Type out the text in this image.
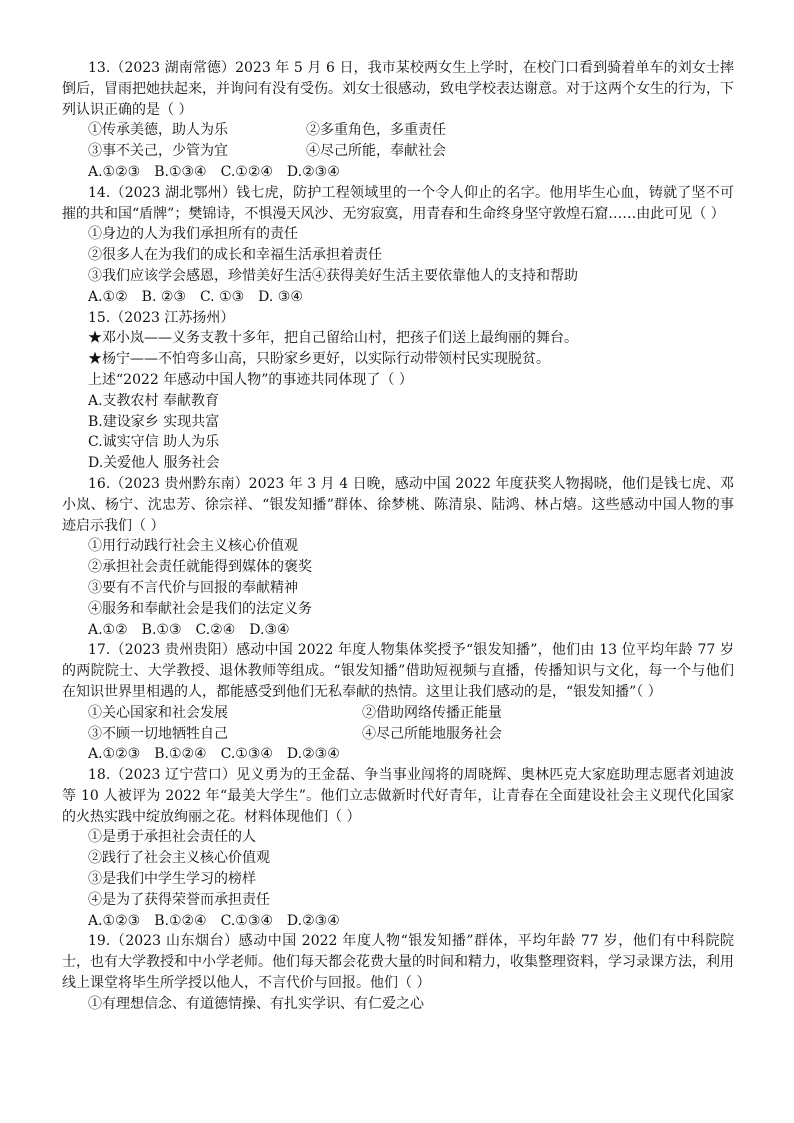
13.（2023 湖南常德）2023 年 5 月 6 日，我市某校两女生上学时，在校门口看到骑着单车的刘女士摔倒后，冒雨把她扶起来，并询问有没有受伤。刘女士很感动，致电学校表达谢意。对于这两个女生的行为，下列认识正确的是（ ）

①传承美德，助人为乐	②多重角色，多重责任
③事不关己，少管为宜	④尽己所能，奉献社会

A.①②③　B.①③④　C.①②④　D.②③④

14.（2023 湖北鄂州）钱七虎，防护工程领域里的一个令人仰止的名字。他用毕生心血，铸就了坚不可摧的共和国“盾牌”；樊锦诗，不惧漫天风沙、无穷寂寞，用青春和生命终身坚守敦煌石窟……由此可见（ ）

①身边的人为我们承担所有的责任

②很多人在为我们的成长和幸福生活承担着责任

③我们应该学会感恩，珍惜美好生活④获得美好生活主要依靠他人的支持和帮助

A.①②　B. ②③　C. ①③　D. ③④

15.（2023 江苏扬州）

★邓小岚——义务支教十多年，把自己留给山村，把孩子们送上最绚丽的舞台。

★杨宁——不怕弯多山高，只盼家乡更好，以实际行动带领村民实现脱贫。

上述“2022 年感动中国人物”的事迹共同体现了（ ）

A.支教农村 奉献教育

B.建设家乡 实现共富

C.诚实守信 助人为乐

D.关爱他人 服务社会

16.（2023 贵州黔东南）2023 年 3 月 4 日晚，感动中国 2022 年度获奖人物揭晓，他们是钱七虎、邓小岚、杨宁、沈忠芳、徐宗祥、“银发知播”群体、徐梦桃、陈清泉、陆鸿、林占熺。这些感动中国人物的事迹启示我们（ ）

①用行动践行社会主义核心价值观

②承担社会责任就能得到媒体的褒奖

③要有不言代价与回报的奉献精神

④服务和奉献社会是我们的法定义务

A.①②　B.①③　C.②④　D.③④

17.（2023 贵州贵阳）感动中国 2022 年度人物集体奖授予“银发知播”，他们由 13 位平均年龄 77 岁的两院院士、大学教授、退休教师等组成。“银发知播”借助短视频与直播，传播知识与文化，每一个与他们在知识世界里相遇的人，都能感受到他们无私奉献的热情。这里让我们感动的是，“银发知播”（ ）

①关心国家和社会发展	②借助网络传播正能量
③不顾一切地牺牲自己	④尽己所能地服务社会

A.①②③　B.①②④　C.①③④　D.②③④

18.（2023 辽宁营口）见义勇为的王金磊、争当事业闯将的周晓辉、奥林匹克大家庭助理志愿者刘迪波等 10 人被评为 2022 年“最美大学生”。他们立志做新时代好青年，让青春在全面建设社会主义现代化国家的火热实践中绽放绚丽之花。材料体现他们（ ）

①是勇于承担社会责任的人

②践行了社会主义核心价值观

③是我们中学生学习的榜样

④是为了获得荣誉而承担责任

A.①②③　B.①②④　C.①③④　D.②③④

19.（2023 山东烟台）感动中国 2022 年度人物“银发知播”群体，平均年龄 77 岁，他们有中科院院士，也有大学教授和中小学老师。他们每天都会花费大量的时间和精力，收集整理资料，学习录课方法，利用线上课堂将毕生所学授以他人，不言代价与回报。他们（ ）

①有理想信念、有道德情操、有扎实学识、有仁爱之心
